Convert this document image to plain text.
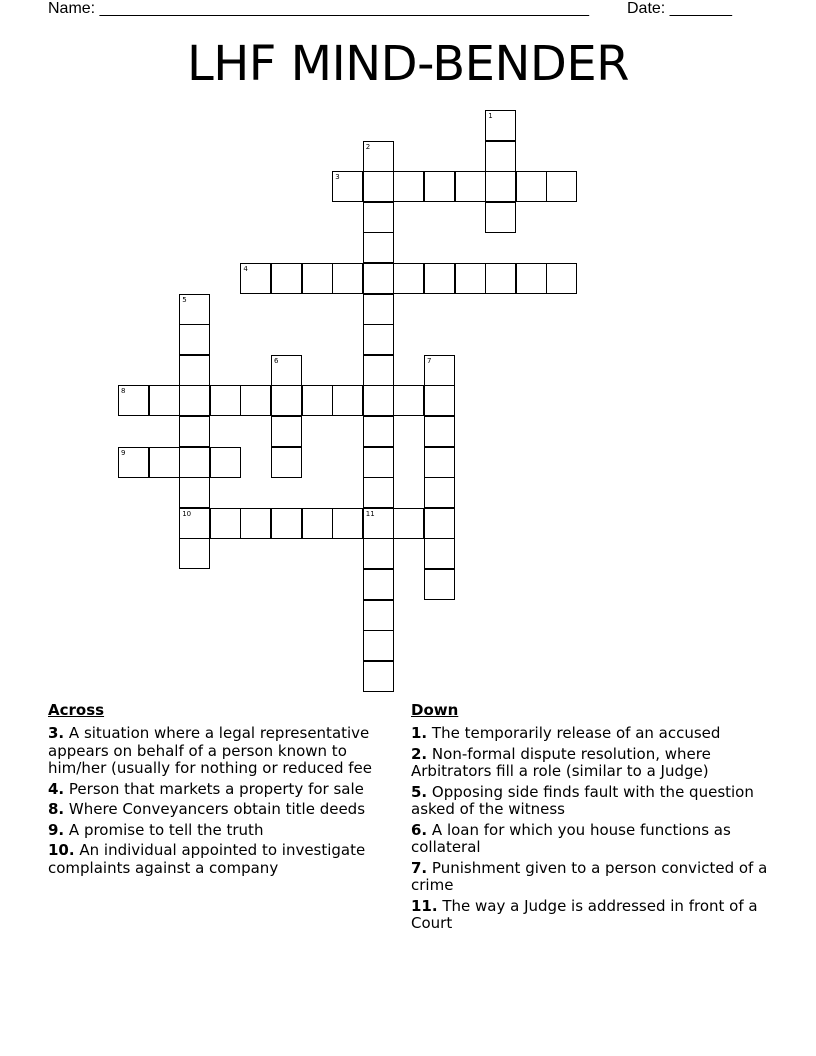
Name: _______________________________________________________ Date: _______
LHF MIND-BENDER
1
2
3
4
5
10
6	7
8
9
11
Across
3. A situation where a legal representative appears on behalf of a person known to him/her (usually for nothing or reduced fee
4. Person that markets a property for sale
8. Where Conveyancers obtain title deeds
9. A promise to tell the truth
10. An individual appointed to investigate complaints against a company
Down
1. The temporarily release of an accused
2. Non-formal dispute resolution, where Arbitrators fill a role (similar to a Judge)
5. Opposing side finds fault with the question asked of the witness
6. A loan for which you house functions as collateral
7. Punishment given to a person convicted of a crime
11. The way a Judge is addressed in front of a Court
